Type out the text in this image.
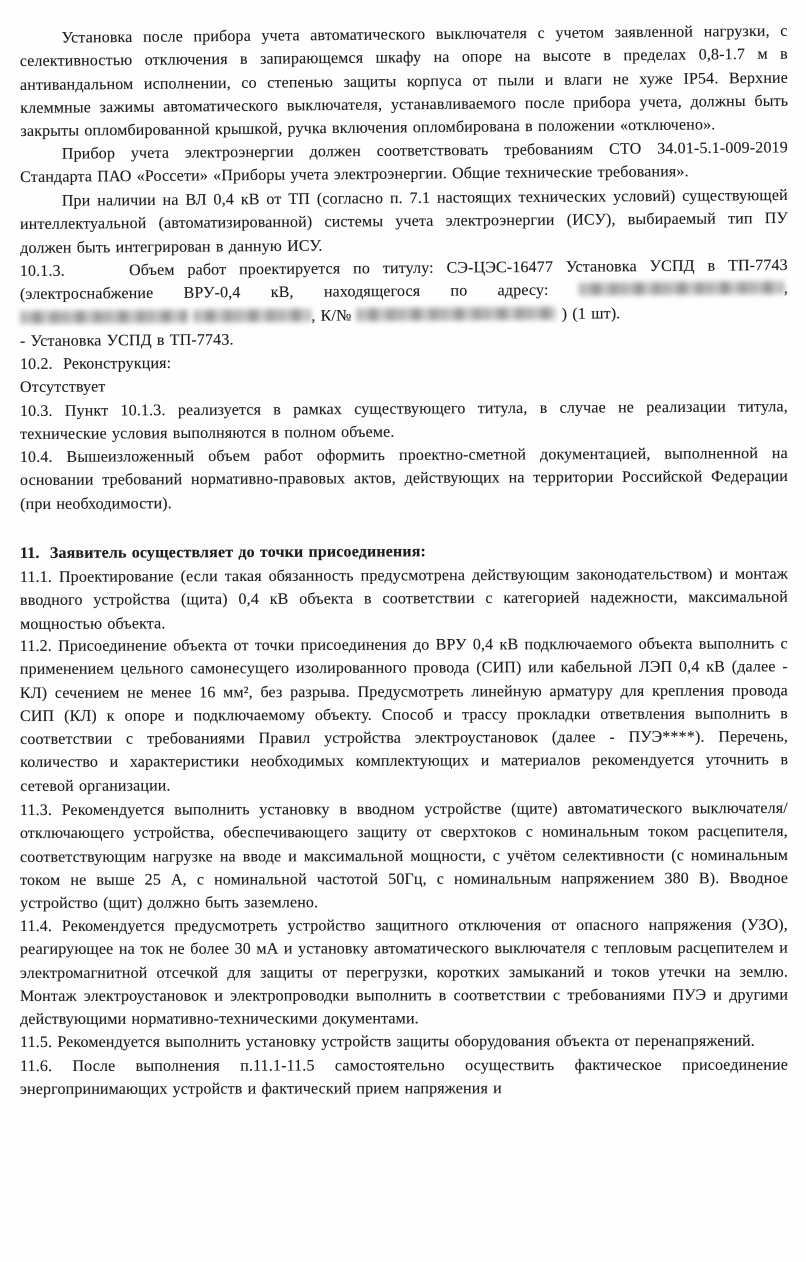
Установка после прибора учета автоматического выключателя с учетом заявленной нагрузки, с селективностью отключения в запирающемся шкафу на опоре на высоте в пределах 0,8-1.7 м в антивандальном исполнении, со степенью защиты корпуса от пыли и влаги не хуже IP54. Верхние клеммные зажимы автоматического выключателя, устанавливаемого после прибора учета, должны быть закрыты опломбированной крышкой, ручка включения опломбирована в положении «отключено».

Прибор учета электроэнергии должен соответствовать требованиям СТО 34.01-5.1-009-2019 Стандарта ПАО «Россети» «Приборы учета электроэнергии. Общие технические требования».

При наличии на ВЛ 0,4 кВ от ТП (согласно п. 7.1 настоящих технических условий) существующей интеллектуальной (автоматизированной) системы учета электроэнергии (ИСУ), выбираемый тип ПУ должен быть интегрирован в данную ИСУ.

10.1.3.     Объем работ проектируется по титулу: СЭ-ЦЭС-16477 Установка УСПД в ТП-7743 (электроснабжение ВРУ-0,4 кВ, находящегося по адресу:	,  , К/№	) (1 шт).

- Установка УСПД в ТП-7743.

10.2.  Реконструкция:

Отсутствует

10.3. Пункт 10.1.3. реализуется в рамках существующего титула, в случае не реализации титула, технические условия выполняются в полном объеме.

10.4. Вышеизложенный объем работ оформить проектно-сметной документацией, выполненной на основании требований нормативно-правовых актов, действующих на территории Российской Федерации (при необходимости).

11.  Заявитель осуществляет до точки присоединения:

11.1. Проектирование (если такая обязанность предусмотрена действующим законодательством) и монтаж вводного устройства (щита) 0,4 кВ объекта в соответствии с категорией надежности, максимальной мощностью объекта.

11.2. Присоединение объекта от точки присоединения до ВРУ 0,4 кВ подключаемого объекта выполнить с применением цельного самонесущего изолированного провода (СИП) или кабельной ЛЭП 0,4 кВ (далее - КЛ) сечением не менее 16 мм², без разрыва. Предусмотреть линейную арматуру для крепления провода СИП (КЛ) к опоре и подключаемому объекту. Способ и трассу прокладки ответвления выполнить в соответствии с требованиями Правил устройства электроустановок (далее - ПУЭ****). Перечень, количество и характеристики необходимых комплектующих и материалов рекомендуется уточнить в сетевой организации.

11.3. Рекомендуется выполнить установку в вводном устройстве (щите) автоматического выключателя/отключающего устройства, обеспечивающего защиту от сверхтоков с номинальным током расцепителя, соответствующим нагрузке на вводе и максимальной мощности, с учётом селективности (с номинальным током не выше 25 А, с номинальной частотой 50Гц, с номинальным напряжением 380 В). Вводное устройство (щит) должно быть заземлено.

11.4. Рекомендуется предусмотреть устройство защитного отключения от опасного напряжения (УЗО), реагирующее на ток не более 30 мА и установку автоматического выключателя с тепловым расцепителем и электромагнитной отсечкой для защиты от перегрузки, коротких замыканий и токов утечки на землю. Монтаж электроустановок и электропроводки выполнить в соответствии с требованиями ПУЭ и другими действующими нормативно-техническими документами.

11.5. Рекомендуется выполнить установку устройств защиты оборудования объекта от перенапряжений.

11.6. После выполнения п.11.1-11.5 самостоятельно осуществить фактическое присоединение энергопринимающих устройств и фактический прием напряжения и
